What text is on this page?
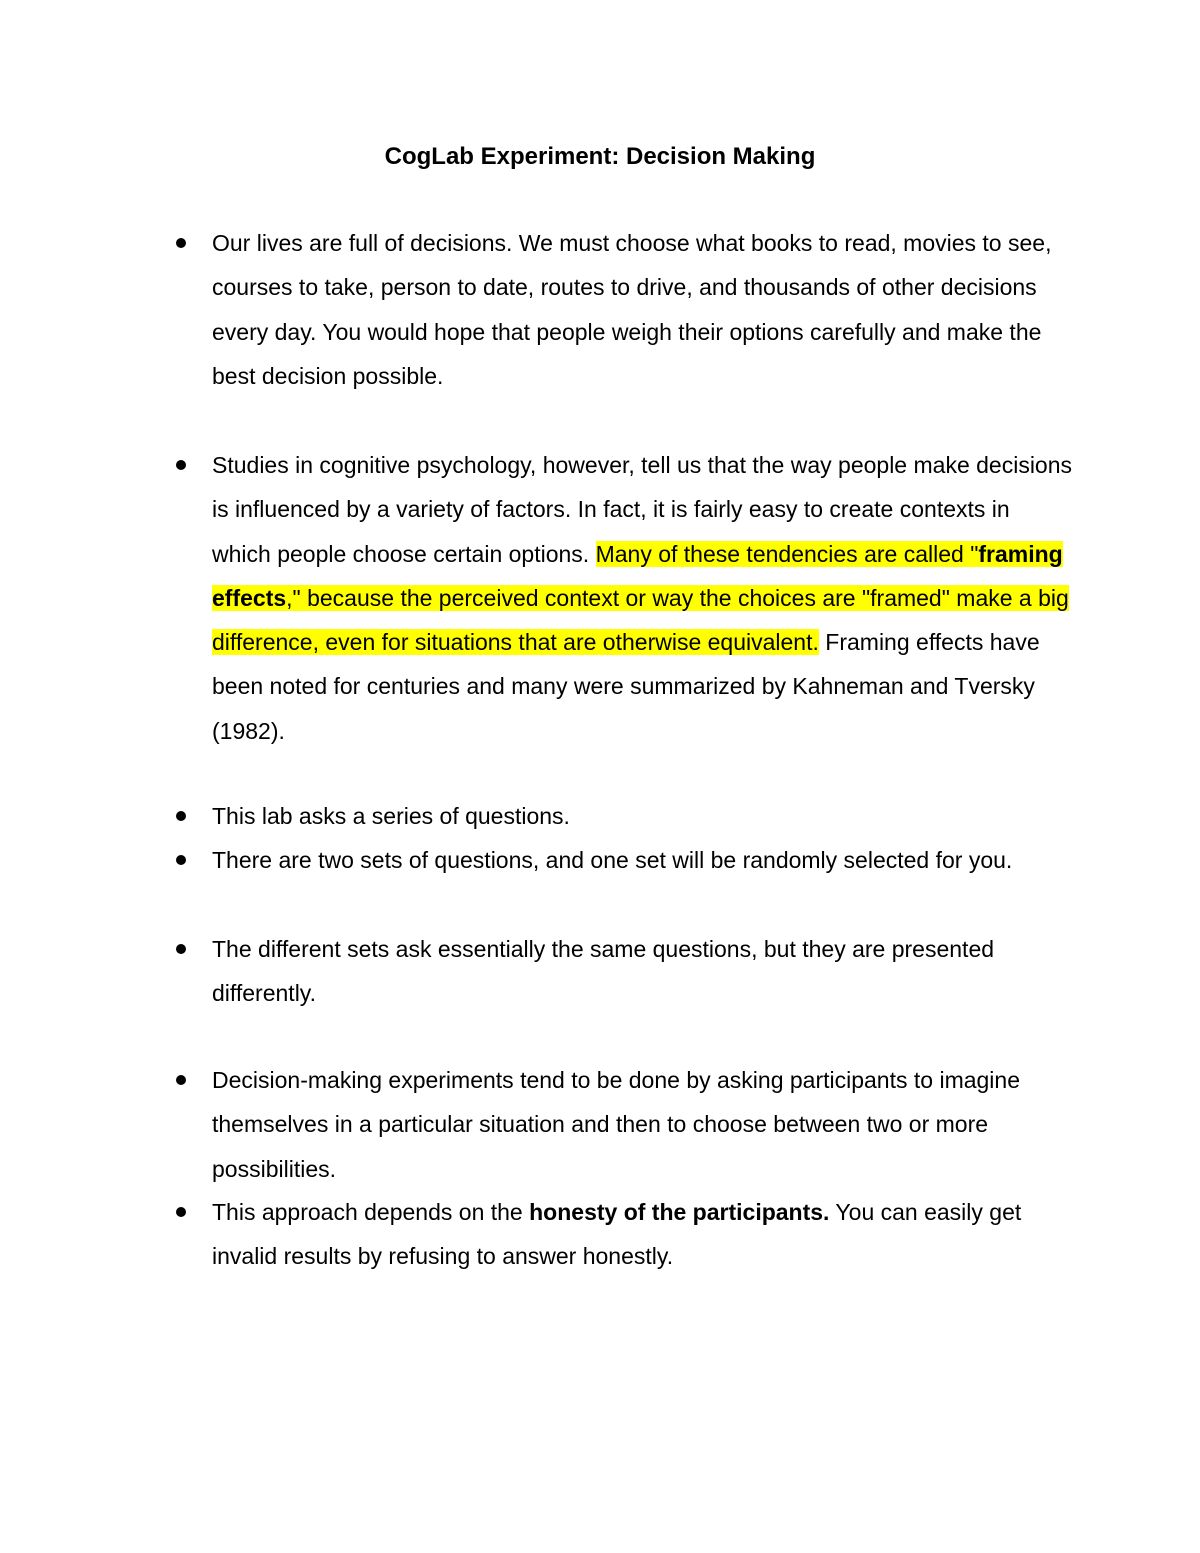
CogLab Experiment: Decision Making
Our lives are full of decisions. We must choose what books to read, movies to see, courses to take, person to date, routes to drive, and thousands of other decisions every day. You would hope that people weigh their options carefully and make the best decision possible.
Studies in cognitive psychology, however, tell us that the way people make decisions is influenced by a variety of factors. In fact, it is fairly easy to create contexts in which people choose certain options. Many of these tendencies are called "framing effects," because the perceived context or way the choices are "framed" make a big difference, even for situations that are otherwise equivalent. Framing effects have been noted for centuries and many were summarized by Kahneman and Tversky (1982).
This lab asks a series of questions.
There are two sets of questions, and one set will be randomly selected for you.
The different sets ask essentially the same questions, but they are presented differently.
Decision-making experiments tend to be done by asking participants to imagine themselves in a particular situation and then to choose between two or more possibilities.
This approach depends on the honesty of the participants. You can easily get invalid results by refusing to answer honestly.
